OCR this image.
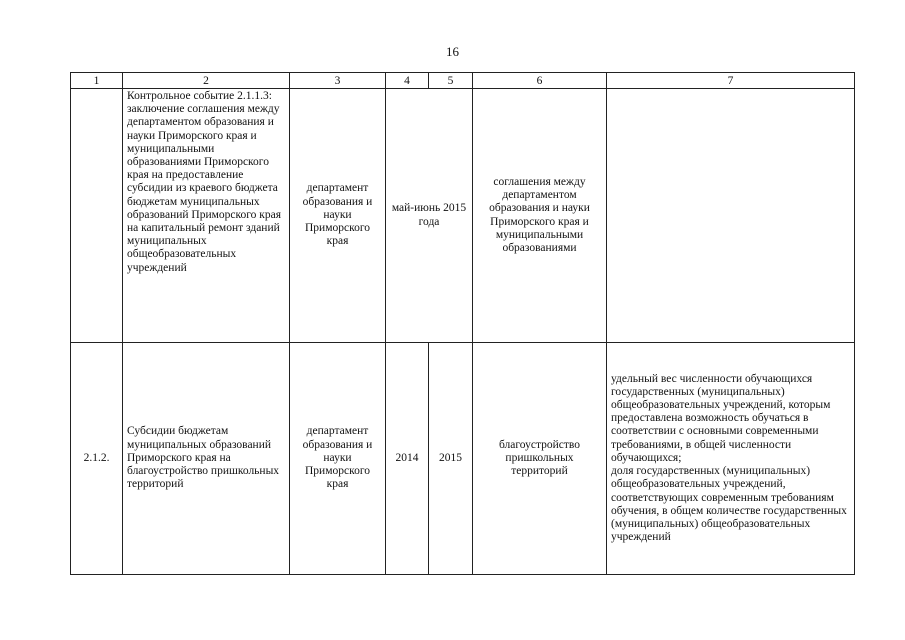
16
1	2	3	4	5	6	7
	Контрольное событие 2.1.1.3: заключение соглашения между департаментом образования и науки Приморского края и муниципальными образованиями Приморского края на предоставление субсидии из краевого бюджета бюджетам муниципальных образований Приморского края на капитальный ремонт зданий муниципальных общеобразовательных учреждений	департамент образования и науки Приморского края	май-июнь 2015 года		соглашения между департаментом образования и науки Приморского края и муниципальными образованиями	
2.1.2.	Субсидии бюджетам муниципальных образований Приморского края на благоустройство пришкольных территорий	департамент образования и науки Приморского края	2014	2015	благоустройство пришкольных территорий	удельный вес численности обучающихся государственных (муниципальных) общеобразовательных учреждений, которым предоставлена возможность обучаться в соответствии с основными современными требованиями, в общей численности обучающихся;
доля государственных (муниципальных) общеобразовательных учреждений, соответствующих современным требованиям обучения, в общем количестве государственных (муниципальных) общеобразовательных учреждений
